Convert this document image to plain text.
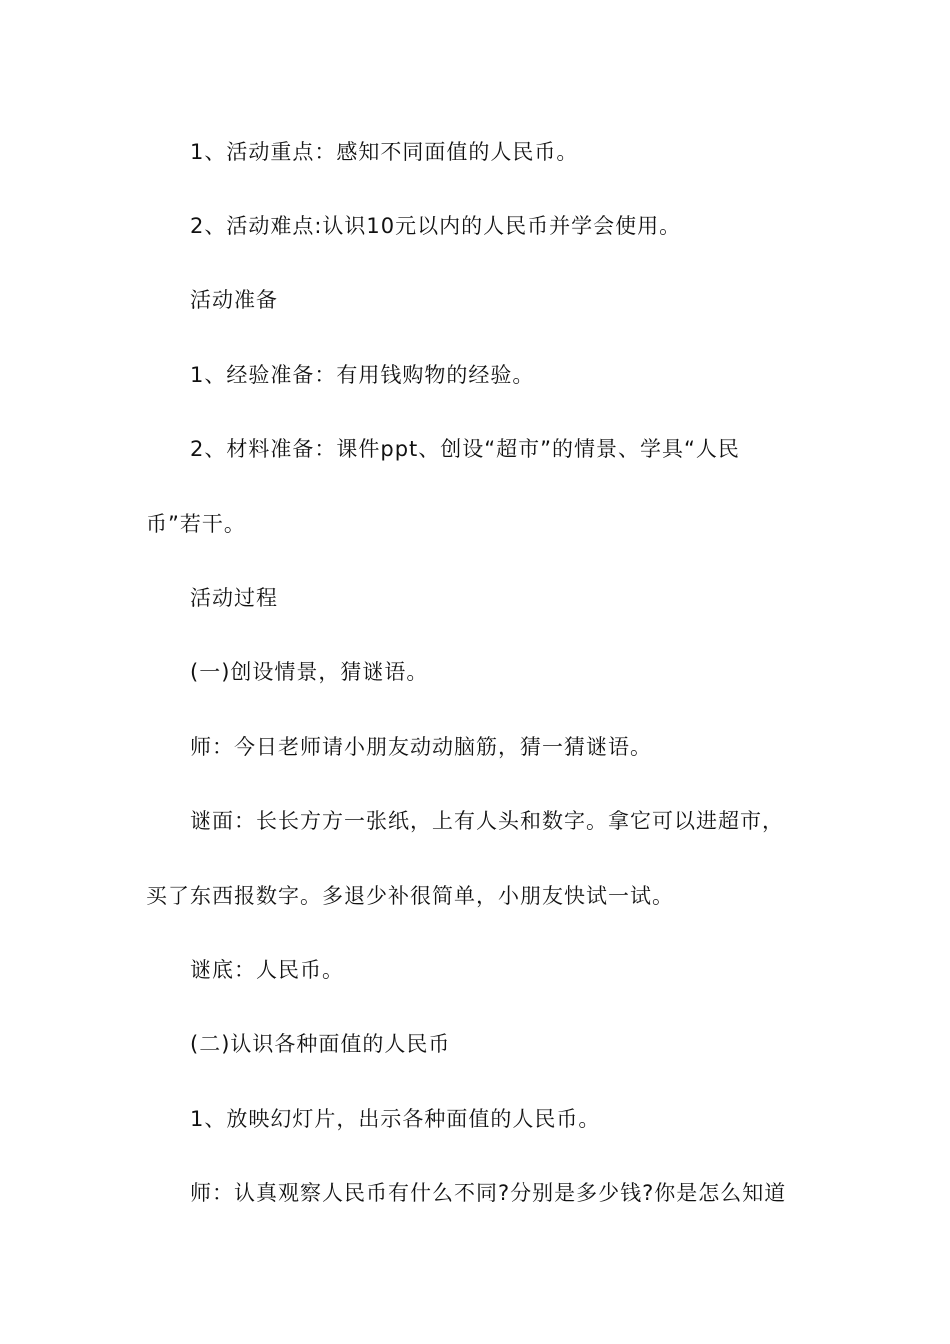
1、活动重点：感知不同面值的人民币。
2、活动难点:认识10元以内的人民币并学会使用。
活动准备
1、经验准备：有用钱购物的经验。
2、材料准备：课件ppt、创设“超市”的情景、学具“人民
币”若干。
活动过程
(一)创设情景，猜谜语。
师：今日老师请小朋友动动脑筋，猜一猜谜语。
谜面：长长方方一张纸，上有人头和数字。拿它可以进超市，
买了东西报数字。多退少补很简单，小朋友快试一试。
谜底：人民币。
(二)认识各种面值的人民币
1、放映幻灯片，出示各种面值的人民币。
师：认真观察人民币有什么不同?分别是多少钱?你是怎么知道
